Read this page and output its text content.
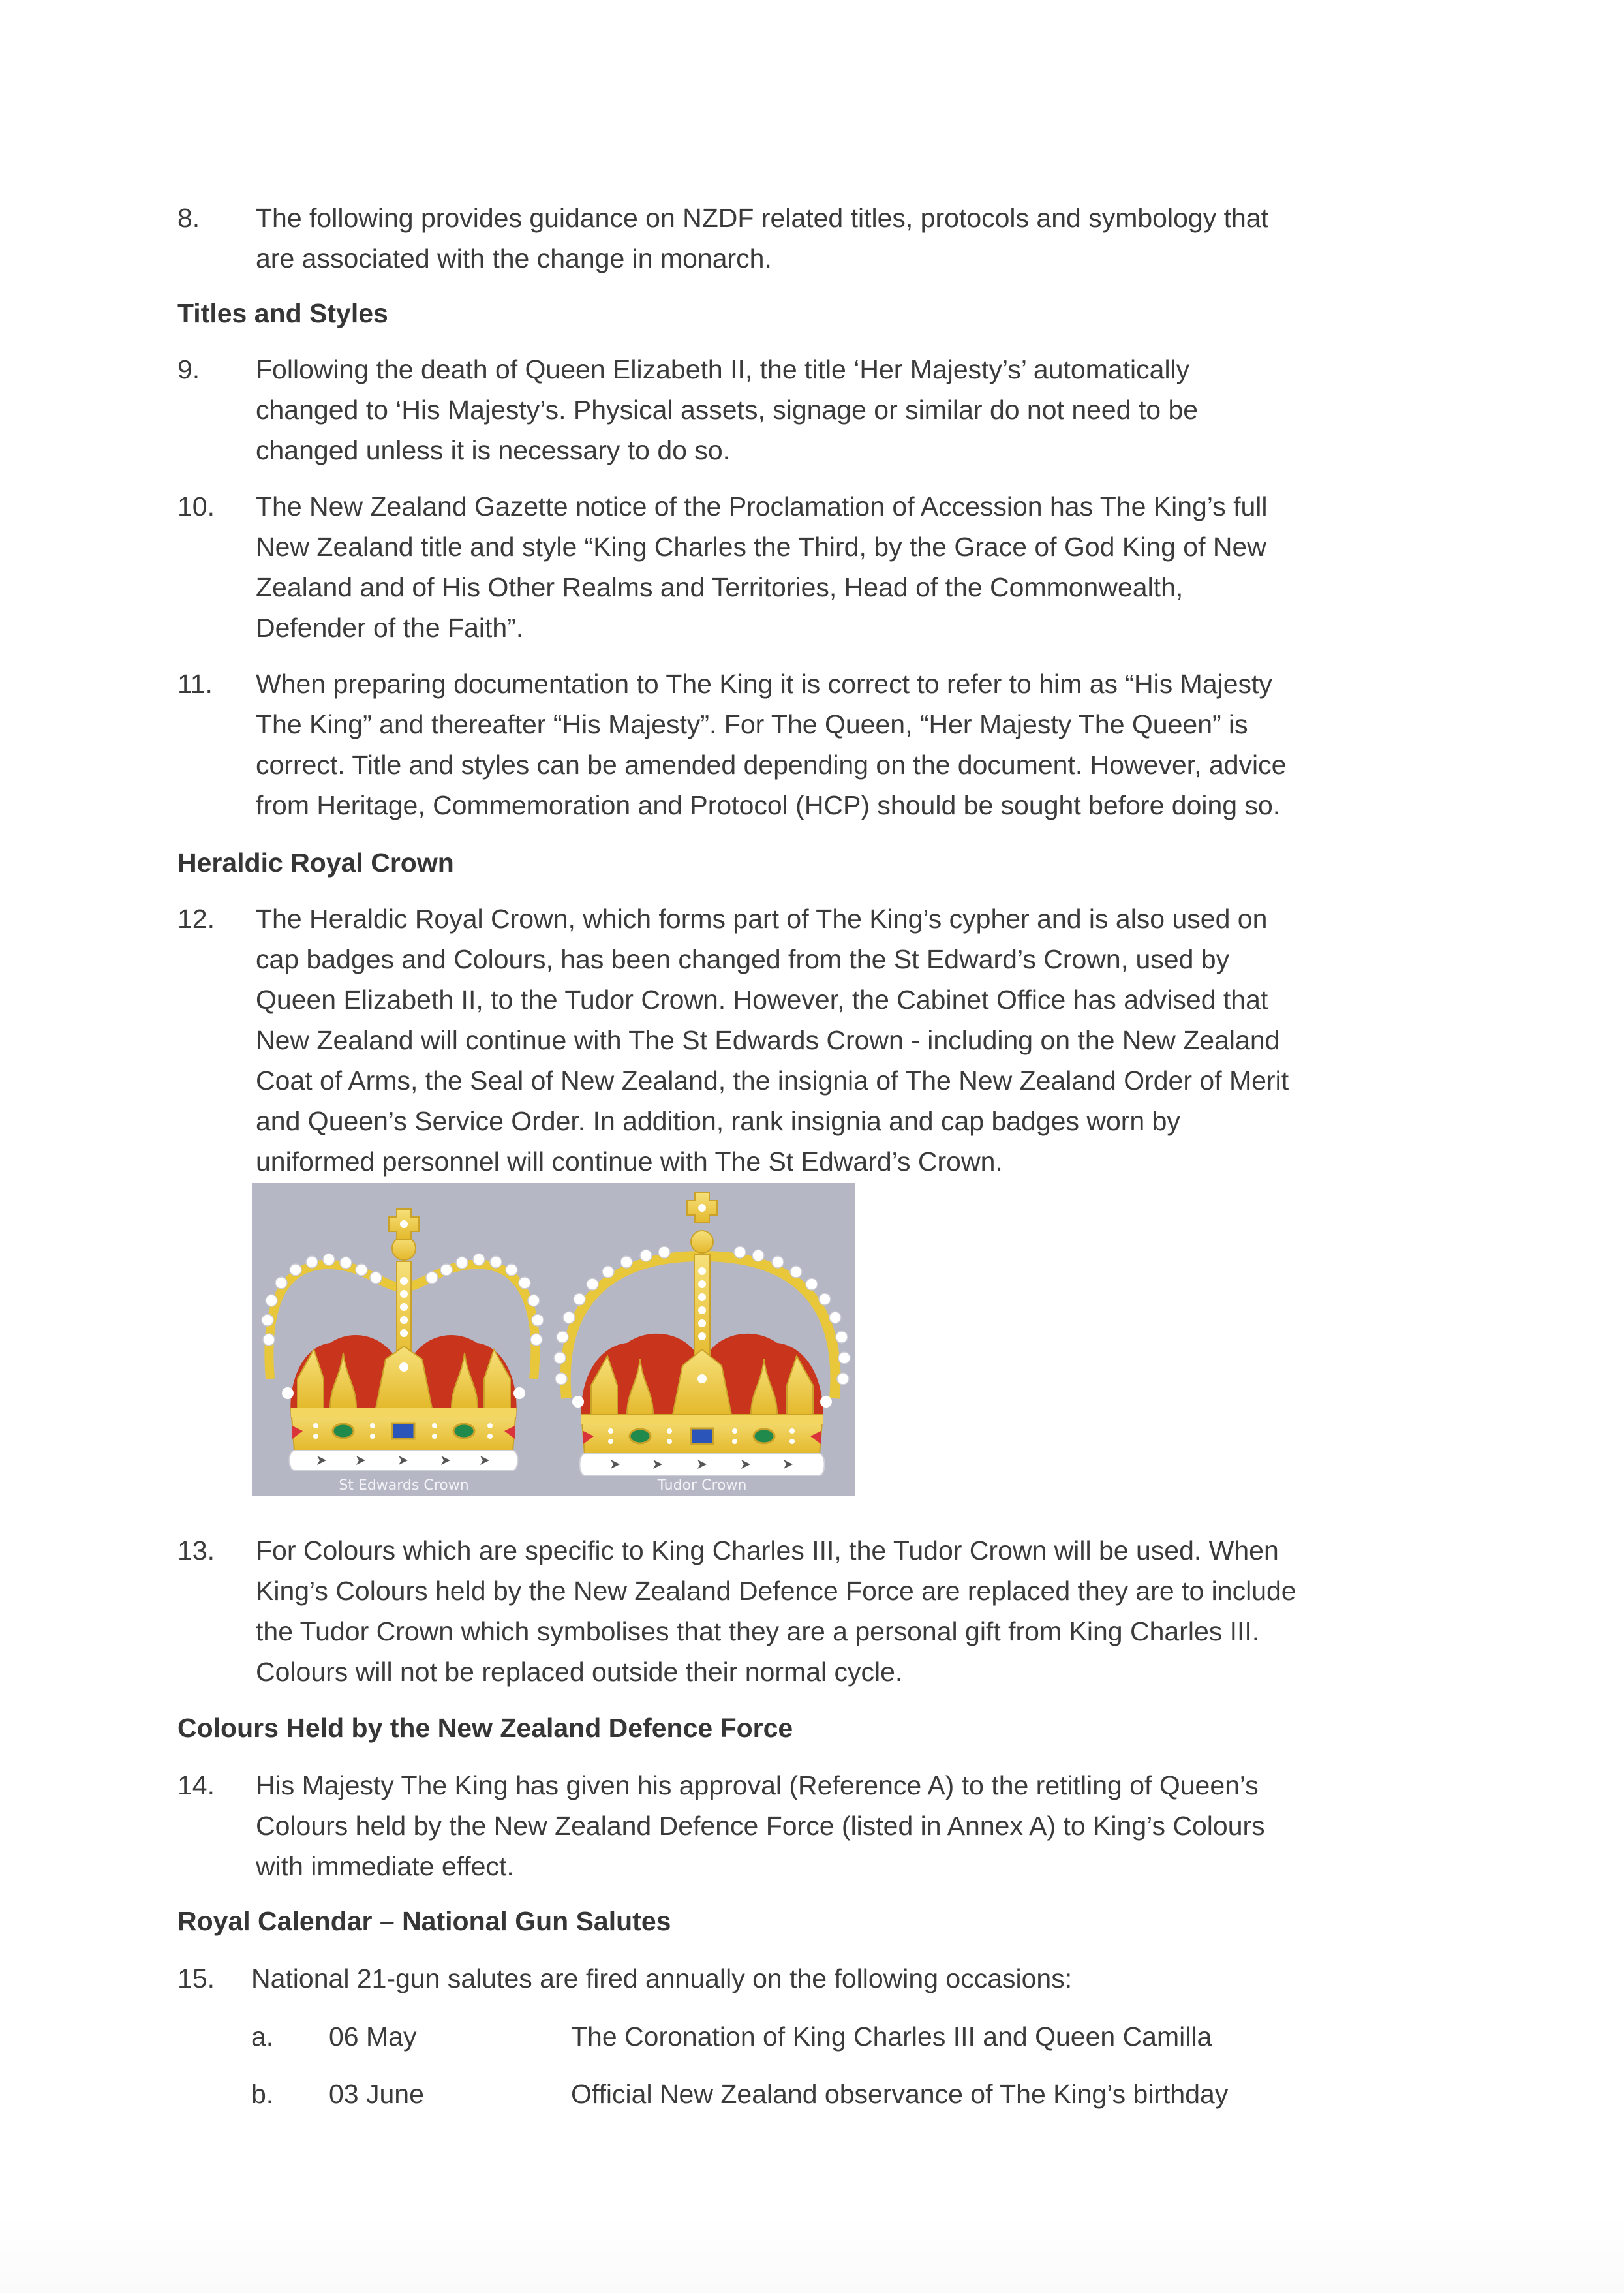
8. The following provides guidance on NZDF related titles, protocols and symbology that
are associated with the change in monarch.
Titles and Styles
9. Following the death of Queen Elizabeth II, the title ‘Her Majesty’s’ automatically
changed to ‘His Majesty’s. Physical assets, signage or similar do not need to be
changed unless it is necessary to do so.
10. The New Zealand Gazette notice of the Proclamation of Accession has The King’s full
New Zealand title and style “King Charles the Third, by the Grace of God King of New
Zealand and of His Other Realms and Territories, Head of the Commonwealth,
Defender of the Faith”.
11. When preparing documentation to The King it is correct to refer to him as “His Majesty
The King” and thereafter “His Majesty”. For The Queen, “Her Majesty The Queen” is
correct. Title and styles can be amended depending on the document. However, advice
from Heritage, Commemoration and Protocol (HCP) should be sought before doing so.
Heraldic Royal Crown
12. The Heraldic Royal Crown, which forms part of The King’s cypher and is also used on
cap badges and Colours, has been changed from the St Edward’s Crown, used by
Queen Elizabeth II, to the Tudor Crown. However, the Cabinet Office has advised that
New Zealand will continue with The St Edwards Crown - including on the New Zealand
Coat of Arms, the Seal of New Zealand, the insignia of The New Zealand Order of Merit
and Queen’s Service Order. In addition, rank insignia and cap badges worn by
uniformed personnel will continue with The St Edward’s Crown.
St Edwards Crown	Tudor Crown
13. For Colours which are specific to King Charles III, the Tudor Crown will be used. When
King’s Colours held by the New Zealand Defence Force are replaced they are to include
the Tudor Crown which symbolises that they are a personal gift from King Charles III.
Colours will not be replaced outside their normal cycle.
Colours Held by the New Zealand Defence Force
14. His Majesty The King has given his approval (Reference A) to the retitling of Queen’s
Colours held by the New Zealand Defence Force (listed in Annex A) to King’s Colours
with immediate effect.
Royal Calendar – National Gun Salutes
15. National 21-gun salutes are fired annually on the following occasions:
a. 06 May	The Coronation of King Charles III and Queen Camilla
b. 03 June	Official New Zealand observance of The King’s birthday
